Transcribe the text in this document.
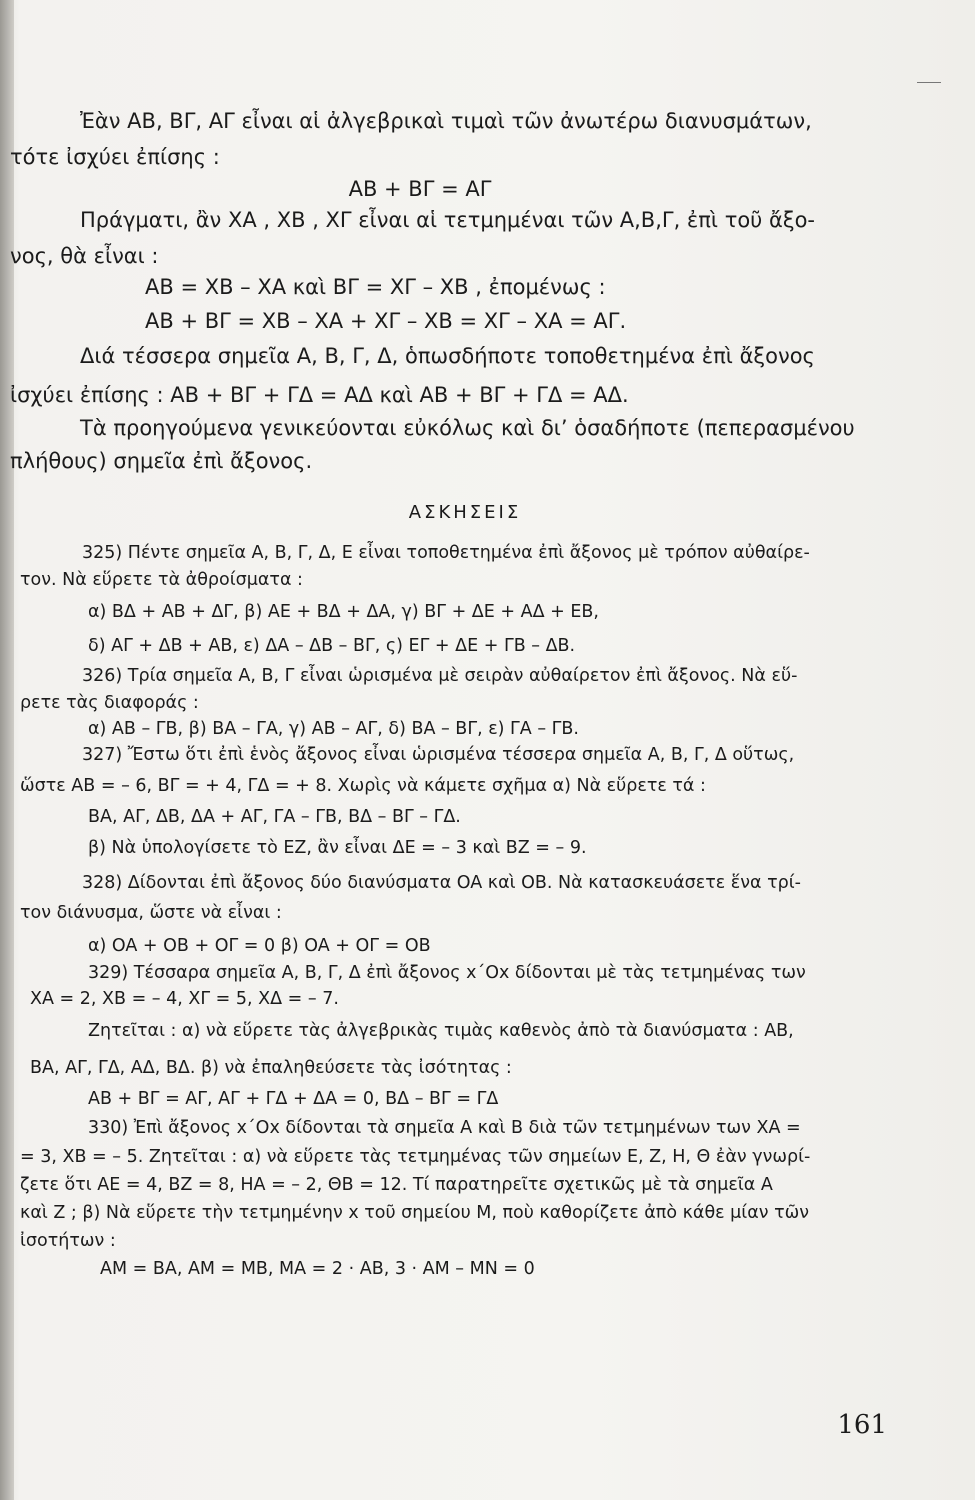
Ἐὰν AB, BΓ, AΓ εἶναι αἱ ἀλγεβρικαὶ τιμαὶ τῶν ἀνωτέρω διανυσμάτων,
τότε ἰσχύει ἐπίσης :
AB + BΓ = AΓ
Πράγματι, ἂν XA , XB , XΓ εἶναι αἱ τετμημέναι τῶν A,B,Γ, ἐπὶ τοῦ ἄξο-
νος, θὰ εἶναι :
AB = XB – XA καὶ BΓ = XΓ – XB , ἐπομένως :
AB + BΓ = XB – XA + XΓ – XB = XΓ – XA = AΓ.
Διά τέσσερα σημεῖα A, B, Γ, Δ, ὁπωσδήποτε τοποθετημένα ἐπὶ ἄξονος
ἰσχύει ἐπίσης : AB + BΓ + ΓΔ = AΔ καὶ AB + BΓ + ΓΔ = AΔ.
Τὰ προηγούμενα γενικεύονται εὐκόλως καὶ δι’ ὁσαδήποτε (πεπερασμένου
πλήθους) σημεῖα ἐπὶ ἄξονος.
ΑΣΚΗΣΕΙΣ
325) Πέντε σημεῖα A, B, Γ, Δ, E εἶναι τοποθετημένα ἐπὶ ἄξονος μὲ τρόπον αὐθαίρε-
τον. Νὰ εὕρετε τὰ ἀθροίσματα :
α) BΔ + AB + ΔΓ, β) AE + BΔ + ΔA, γ) BΓ + ΔE + AΔ + EB,
δ) AΓ + ΔB + AB, ε) ΔA – ΔB – BΓ, ς) EΓ + ΔE + ΓB – ΔB.
326) Τρία σημεῖα A, B, Γ εἶναι ὡρισμένα μὲ σειρὰν αὐθαίρετον ἐπὶ ἄξονος. Νὰ εὕ-
ρετε τὰς διαφοράς :
α) AB – ΓB, β) BA – ΓA, γ) AB – AΓ, δ) BA – BΓ, ε) ΓA – ΓB.
327) Ἔστω ὅτι ἐπὶ ἑνὸς ἄξονος εἶναι ὡρισμένα τέσσερα σημεῖα A, B, Γ, Δ οὕτως,
ὥστε AB = – 6, BΓ = + 4, ΓΔ = + 8. Χωρὶς νὰ κάμετε σχῆμα α) Νὰ εὕρετε τά :
BA, AΓ, ΔB, ΔA + AΓ, ΓA – ΓB, BΔ – BΓ – ΓΔ.
β) Νὰ ὑπολογίσετε τὸ EZ, ἂν εἶναι ΔE = – 3 καὶ BZ = – 9.
328) Δίδονται ἐπὶ ἄξονος δύο διανύσματα OA καὶ OB. Νὰ κατασκευάσετε ἕνα τρί-
τον διάνυσμα, ὥστε νὰ εἶναι :
α) OA + OB + OΓ = 0 β) OA + OΓ = OB
329) Τέσσαρα σημεῖα A, B, Γ, Δ ἐπὶ ἄξονος x΄Ox δίδονται μὲ τὰς τετμημένας των
XA = 2, XB = – 4, XΓ = 5, XΔ = – 7.
Ζητεῖται : α) νὰ εὕρετε τὰς ἀλγεβρικὰς τιμὰς καθενὸς ἀπὸ τὰ διανύσματα : AB,
BA, AΓ, ΓΔ, AΔ, BΔ. β) νὰ ἐπαληθεύσετε τὰς ἰσότητας :
AB + BΓ = AΓ, AΓ + ΓΔ + ΔA = 0, BΔ – BΓ = ΓΔ
330) Ἐπὶ ἄξονος x΄Ox δίδονται τὰ σημεῖα A καὶ B διὰ τῶν τετμημένων των XA =
= 3, XB = – 5. Ζητεῖται : α) νὰ εὕρετε τὰς τετμημένας τῶν σημείων E, Z, H, Θ ἐὰν γνωρί-
ζετε ὅτι AE = 4, BZ = 8, HA = – 2, ΘB = 12. Τί παρατηρεῖτε σχετικῶς μὲ τὰ σημεῖα A
καὶ Z ; β) Νὰ εὕρετε τὴν τετμημένην x τοῦ σημείου M, ποὺ καθορίζετε ἀπὸ κάθε μίαν τῶν
ἰσοτήτων :
AM = BA, AM = MB, MA = 2 · AB, 3 · AM – MN = 0
161
